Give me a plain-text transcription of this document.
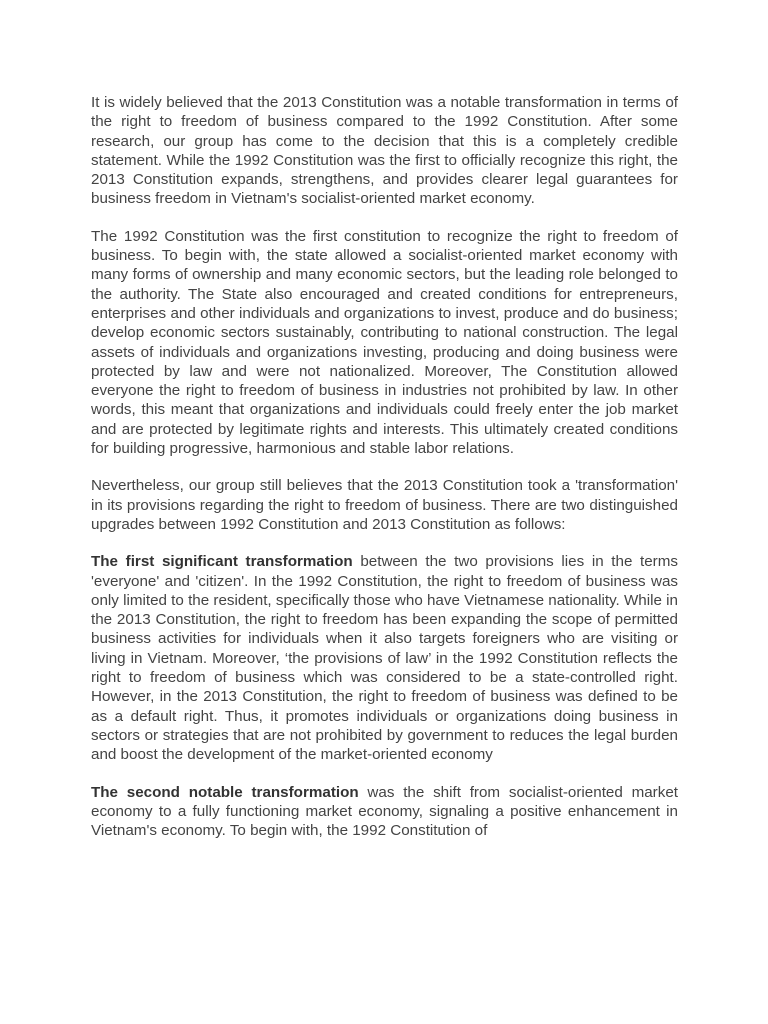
It is widely believed that the 2013 Constitution was a notable transformation in terms of the right to freedom of business compared to the 1992 Constitution. After some research, our group has come to the decision that this is a completely credible statement. While the 1992 Constitution was the first to officially recognize this right, the 2013 Constitution expands, strengthens, and provides clearer legal guarantees for business freedom in Vietnam's socialist-oriented market economy.

The 1992 Constitution was the first constitution to recognize the right to freedom of business. To begin with, the state allowed a socialist-oriented market economy with many forms of ownership and many economic sectors, but the leading role belonged to the authority. The State also encouraged and created conditions for entrepreneurs, enterprises and other individuals and organizations to invest, produce and do business; develop economic sectors sustainably, contributing to national construction. The legal assets of individuals and organizations investing, producing and doing business were protected by law and were not nationalized. Moreover, The Constitution allowed everyone the right to freedom of business in industries not prohibited by law. In other words, this meant that organizations and individuals could freely enter the job market and are protected by legitimate rights and interests. This ultimately created conditions for building progressive, harmonious and stable labor relations.

Nevertheless, our group still believes that the 2013 Constitution took a 'transformation' in its provisions regarding the right to freedom of business. There are two distinguished upgrades between 1992 Constitution and 2013 Constitution as follows:

The first significant transformation between the two provisions lies in the terms 'everyone' and 'citizen'. In the 1992 Constitution, the right to freedom of business was only limited to the resident, specifically those who have Vietnamese nationality. While in the 2013 Constitution, the right to freedom has been expanding the scope of permitted business activities for individuals when it also targets foreigners who are visiting or living in Vietnam. Moreover, ‘the provisions of law’ in the 1992 Constitution reflects the right to freedom of business which was considered to be a state-controlled right. However, in the 2013 Constitution, the right to freedom of business was defined to be as a default right. Thus, it promotes individuals or organizations doing business in sectors or strategies that are not prohibited by government to reduces the legal burden and boost the development of the market-oriented economy

The second notable transformation was the shift from socialist-oriented market economy to a fully functioning market economy, signaling a positive enhancement in Vietnam's economy. To begin with, the 1992 Constitution of
